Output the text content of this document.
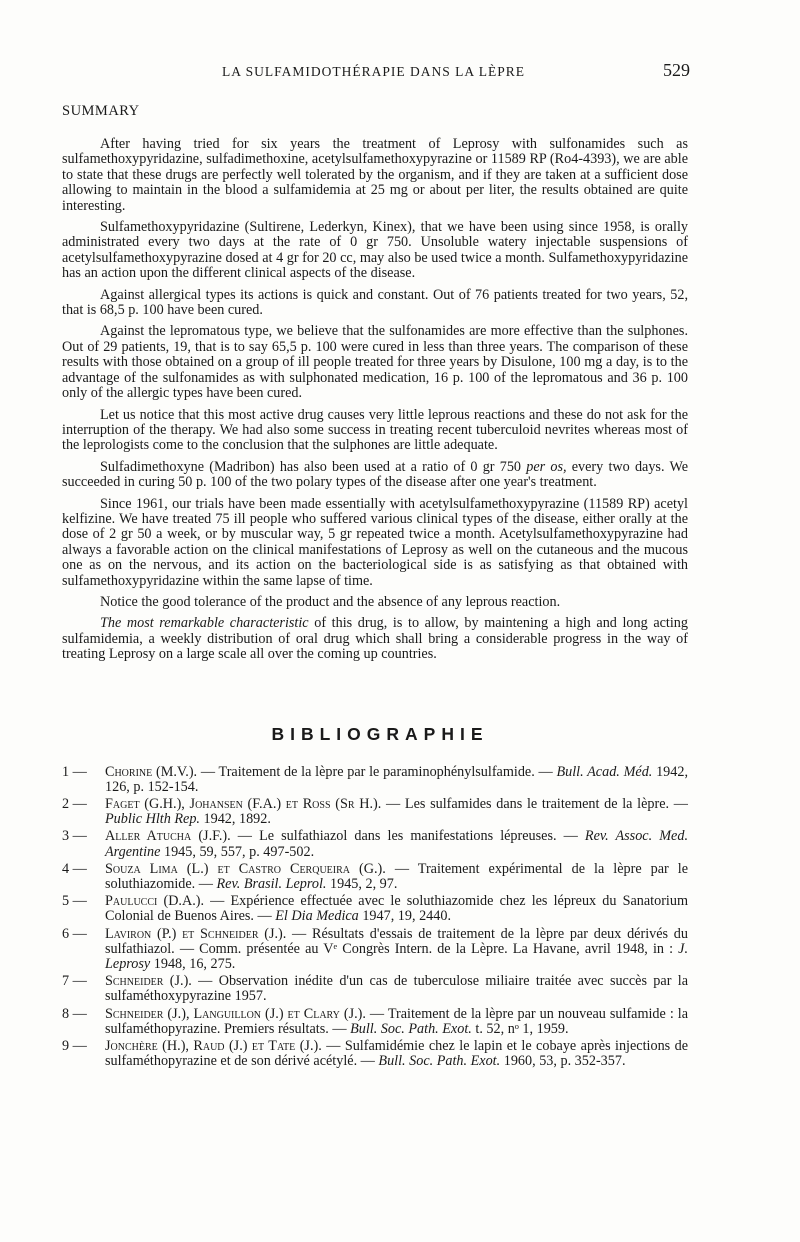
LA SULFAMIDOTHÉRAPIE DANS LA LÈPRE	529
SUMMARY

After having tried for six years the treatment of Leprosy with sulfonamides such as sulfamethoxypyridazine, sulfadimethoxine, acetylsulfamethoxypyrazine or 11589 RP (Ro4-4393), we are able to state that these drugs are perfectly well tolerated by the organism, and if they are taken at a sufficient dose allowing to maintain in the blood a sulfamidemia at 25 mg or about per liter, the results obtained are quite interesting.

Sulfamethoxypyridazine (Sultirene, Lederkyn, Kinex), that we have been using since 1958, is orally administrated every two days at the rate of 0 gr 750. Unsoluble watery injectable suspensions of acetylsulfamethoxypyrazine dosed at 4 gr for 20 cc, may also be used twice a month. Sulfamethoxypyridazine has an action upon the different clinical aspects of the disease.

Against allergical types its actions is quick and constant. Out of 76 patients treated for two years, 52, that is 68,5 p. 100 have been cured.

Against the lepromatous type, we believe that the sulfonamides are more effective than the sulphones. Out of 29 patients, 19, that is to say 65,5 p. 100 were cured in less than three years. The comparison of these results with those obtained on a group of ill people treated for three years by Disulone, 100 mg a day, is to the advantage of the sulfonamides as with sulphonated medication, 16 p. 100 of the lepromatous and 36 p. 100 only of the allergic types have been cured.

Let us notice that this most active drug causes very little leprous reactions and these do not ask for the interruption of the therapy. We had also some success in treating recent tuberculoid nevrites whereas most of the leprologists come to the conclusion that the sulphones are little adequate.

Sulfadimethoxyne (Madribon) has also been used at a ratio of 0 gr 750 per os, every two days. We succeeded in curing 50 p. 100 of the two polary types of the disease after one year's treatment.

Since 1961, our trials have been made essentially with acetylsulfamethoxypyrazine (11589 RP) acetyl kelfizine. We have treated 75 ill people who suffered various clinical types of the disease, either orally at the dose of 2 gr 50 a week, or by muscular way, 5 gr repeated twice a month. Acetylsulfamethoxypyrazine had always a favorable action on the clinical manifestations of Leprosy as well on the cutaneous and the mucous one as on the nervous, and its action on the bacteriological side is as satisfying as that obtained with sulfamethoxypyridazine within the same lapse of time.

Notice the good tolerance of the product and the absence of any leprous reaction.

The most remarkable characteristic of this drug, is to allow, by maintening a high and long acting sulfamidemia, a weekly distribution of oral drug which shall bring a considerable progress in the way of treating Leprosy on a large scale all over the coming up countries.

BIBLIOGRAPHIE
1 — Chorine (M.V.). — Traitement de la lèpre par le paraminophénylsulfamide. — Bull. Acad. Méd. 1942, 126, p. 152-154.
2 — Faget (G.H.), Johansen (F.A.) et Ross (Sr H.). — Les sulfamides dans le traitement de la lèpre. — Public Hlth Rep. 1942, 1892.
3 — Aller Atucha (J.F.). — Le sulfathiazol dans les manifestations lépreuses. — Rev. Assoc. Med. Argentine 1945, 59, 557, p. 497-502.
4 — Souza Lima (L.) et Castro Cerqueira (G.). — Traitement expérimental de la lèpre par le soluthiazomide. — Rev. Brasil. Leprol. 1945, 2, 97.
5 — Paulucci (D.A.). — Expérience effectuée avec le soluthiazomide chez les lépreux du Sanatorium Colonial de Buenos Aires. — El Dia Medica 1947, 19, 2440.
6 — Laviron (P.) et Schneider (J.). — Résultats d'essais de traitement de la lèpre par deux dérivés du sulfathiazol. — Comm. présentée au Vᵉ Congrès Intern. de la Lèpre. La Havane, avril 1948, in : J. Leprosy 1948, 16, 275.
7 — Schneider (J.). — Observation inédite d'un cas de tuberculose miliaire traitée avec succès par la sulfaméthoxypyrazine 1957.
8 — Schneider (J.), Languillon (J.) et Clary (J.). — Traitement de la lèpre par un nouveau sulfamide : la sulfaméthopyrazine. Premiers résultats. — Bull. Soc. Path. Exot. t. 52, nᵒ 1, 1959.
9 — Jonchère (H.), Raud (J.) et Tate (J.). — Sulfamidémie chez le lapin et le cobaye après injections de sulfaméthopyrazine et de son dérivé acétylé. — Bull. Soc. Path. Exot. 1960, 53, p. 352-357.
